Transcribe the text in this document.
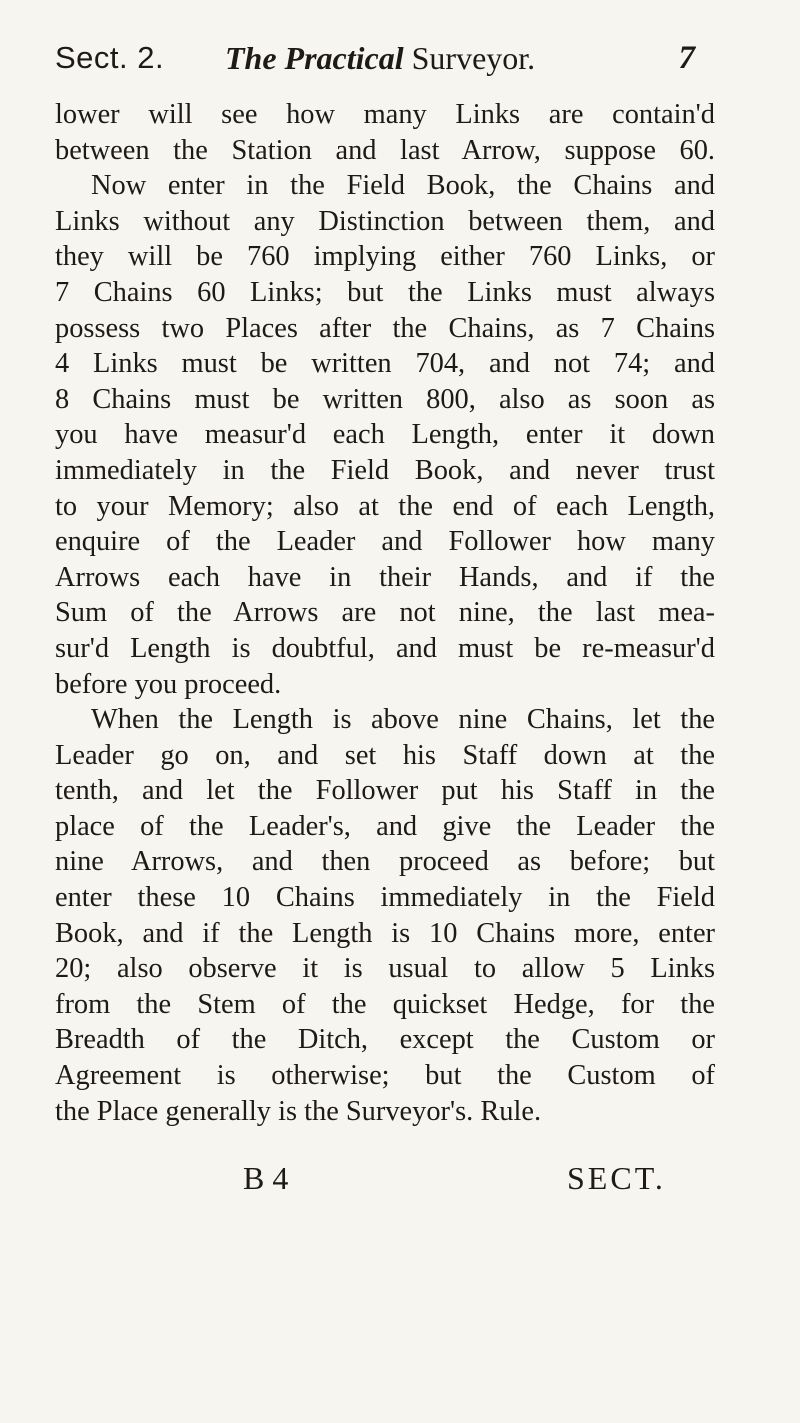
Sect. 2. The Practical Surveyor.	7
lower will see how many Links are contain'd
between the Station and last Arrow, suppose 60.
Now enter in the Field Book, the Chains and
Links without any Distinction between them, and
they will be 760 implying either 760 Links, or
7 Chains 60 Links; but the Links must always
possess two Places after the Chains, as 7 Chains
4 Links must be written 704, and not 74; and
8 Chains must be written 800, also as soon as
you have measur'd each Length, enter it down
immediately in the Field Book, and never trust
to your Memory; also at the end of each Length,
enquire of the Leader and Follower how many
Arrows each have in their Hands, and if the
Sum of the Arrows are not nine, the last mea-
sur'd Length is doubtful, and must be re-measur'd
before you proceed.
When the Length is above nine Chains, let the
Leader go on, and set his Staff down at the
tenth, and let the Follower put his Staff in the
place of the Leader's, and give the Leader the
nine Arrows, and then proceed as before; but
enter these 10 Chains immediately in the Field
Book, and if the Length is 10 Chains more, enter
20; also observe it is usual to allow 5 Links
from the Stem of the quickset Hedge, for the
Breadth of the Ditch, except the Custom or
Agreement is otherwise; but the Custom of
the Place generally is the Surveyor's. Rule.
B 4	SECT.
